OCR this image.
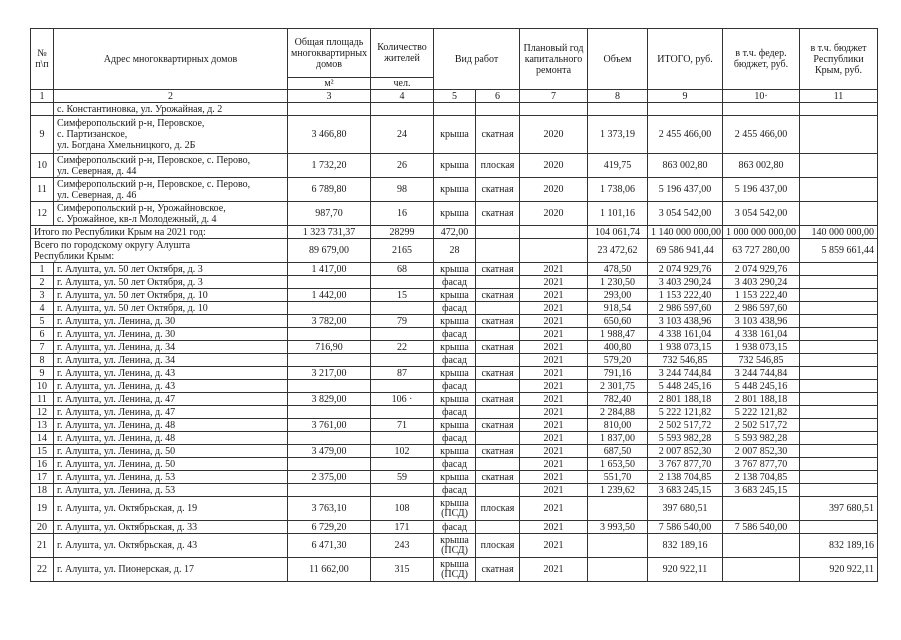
№
п\п	Адрес многоквартирных домов	Общая площадь многоквартирных домов	Количество жителей	Вид работ		Плановый год капитального ремонта	Объем	ИТОГО, руб.	в т.ч. федер. бюджет, руб.	в т.ч. бюджет Республики Крым, руб.
		м²	чел.							
1	2	3	4	5	6	7	8	9	10·	11
	с. Константиновка, ул. Урожайная, д. 2									
9	Симферопольский р-н, Перовское,
с. Партизанское,
ул. Богдана Хмельницкого, д. 2Б	3 466,80	24	крыша	скатная	2020	1 373,19	2 455 466,00	2 455 466,00	
10	Симферопольский р-н, Перовское, с. Перово,
ул. Северная, д. 44	1 732,20	26	крыша	плоская	2020	419,75	863 002,80	863 002,80	
11	Симферопольский р-н, Перовское, с. Перово,
ул. Северная, д. 46	6 789,80	98	крыша	скатная	2020	1 738,06	5 196 437,00	5 196 437,00	
12	Симферопольский р-н, Урожайновское,
с. Урожайное, кв-л Молодежный, д. 4	987,70	16	крыша	скатная	2020	1 101,16	3 054 542,00	3 054 542,00	
Итого по Республики Крым на 2021 год:		1 323 731,37	28299	472,00			104 061,74	1 140 000 000,00	1 000 000 000,00	140 000 000,00
Всего по городскому округу Алушта
Республики Крым:		89 679,00	2165	28			23 472,62	69 586 941,44	63 727 280,00	5 859 661,44
1	г. Алушта, ул. 50 лет Октября, д. 3	1 417,00	68	крыша	скатная	2021	478,50	2 074 929,76	2 074 929,76	
2	г. Алушта, ул. 50 лет Октября, д. 3			фасад		2021	1 230,50	3 403 290,24	3 403 290,24	
3	г. Алушта, ул. 50 лет Октября, д. 10	1 442,00	15	крыша	скатная	2021	293,00	1 153 222,40	1 153 222,40	
4	г. Алушта, ул. 50 лет Октября, д. 10			фасад		2021	918,54	2 986 597,60	2 986 597,60	
5	г. Алушта, ул. Ленина, д. 30	3 782,00	79	крыша	скатная	2021	650,60	3 103 438,96	3 103 438,96	
6	г. Алушта, ул. Ленина, д. 30			фасад		2021	1 988,47	4 338 161,04	4 338 161,04	
7	г. Алушта, ул. Ленина, д. 34	716,90	22	крыша	скатная	2021	400,80	1 938 073,15	1 938 073,15	
8	г. Алушта, ул. Ленина, д. 34			фасад		2021	579,20	732 546,85	732 546,85	
9	г. Алушта, ул. Ленина, д. 43	3 217,00	87	крыша	скатная	2021	791,16	3 244 744,84	3 244 744,84	
10	г. Алушта, ул. Ленина, д. 43			фасад		2021	2 301,75	5 448 245,16	5 448 245,16	
11	г. Алушта, ул. Ленина, д. 47	3 829,00	106 ·	крыша	скатная	2021	782,40	2 801 188,18	2 801 188,18	
12	г. Алушта, ул. Ленина, д. 47			фасад		2021	2 284,88	5 222 121,82	5 222 121,82	
13	г. Алушта, ул. Ленина, д. 48	3 761,00	71	крыша	скатная	2021	810,00	2 502 517,72	2 502 517,72	
14	г. Алушта, ул. Ленина, д. 48			фасад		2021	1 837,00	5 593 982,28	5 593 982,28	
15	г. Алушта, ул. Ленина, д. 50	3 479,00	102	крыша	скатная	2021	687,50	2 007 852,30	2 007 852,30	
16	г. Алушта, ул. Ленина, д. 50			фасад		2021	1 653,50	3 767 877,70	3 767 877,70	
17	г. Алушта, ул. Ленина, д. 53	2 375,00	59	крыша	скатная	2021	551,70	2 138 704,85	2 138 704,85	
18	г. Алушта, ул. Ленина, д. 53			фасад		2021	1 239,62	3 683 245,15	3 683 245,15	
19	г. Алушта, ул. Октябрьская, д. 19	3 763,10	108	крыша
(ПСД)	плоская	2021		397 680,51		397 680,51
20	г. Алушта, ул. Октябрьская, д. 33	6 729,20	171	фасад		2021	3 993,50	7 586 540,00	7 586 540,00	
21	г. Алушта, ул. Октябрьская, д. 43	6 471,30	243	крыша
(ПСД)	плоская	2021		832 189,16		832 189,16
22	г. Алушта, ул. Пионерская, д. 17	11 662,00	315	крыша
(ПСД)	скатная	2021		920 922,11		920 922,11
